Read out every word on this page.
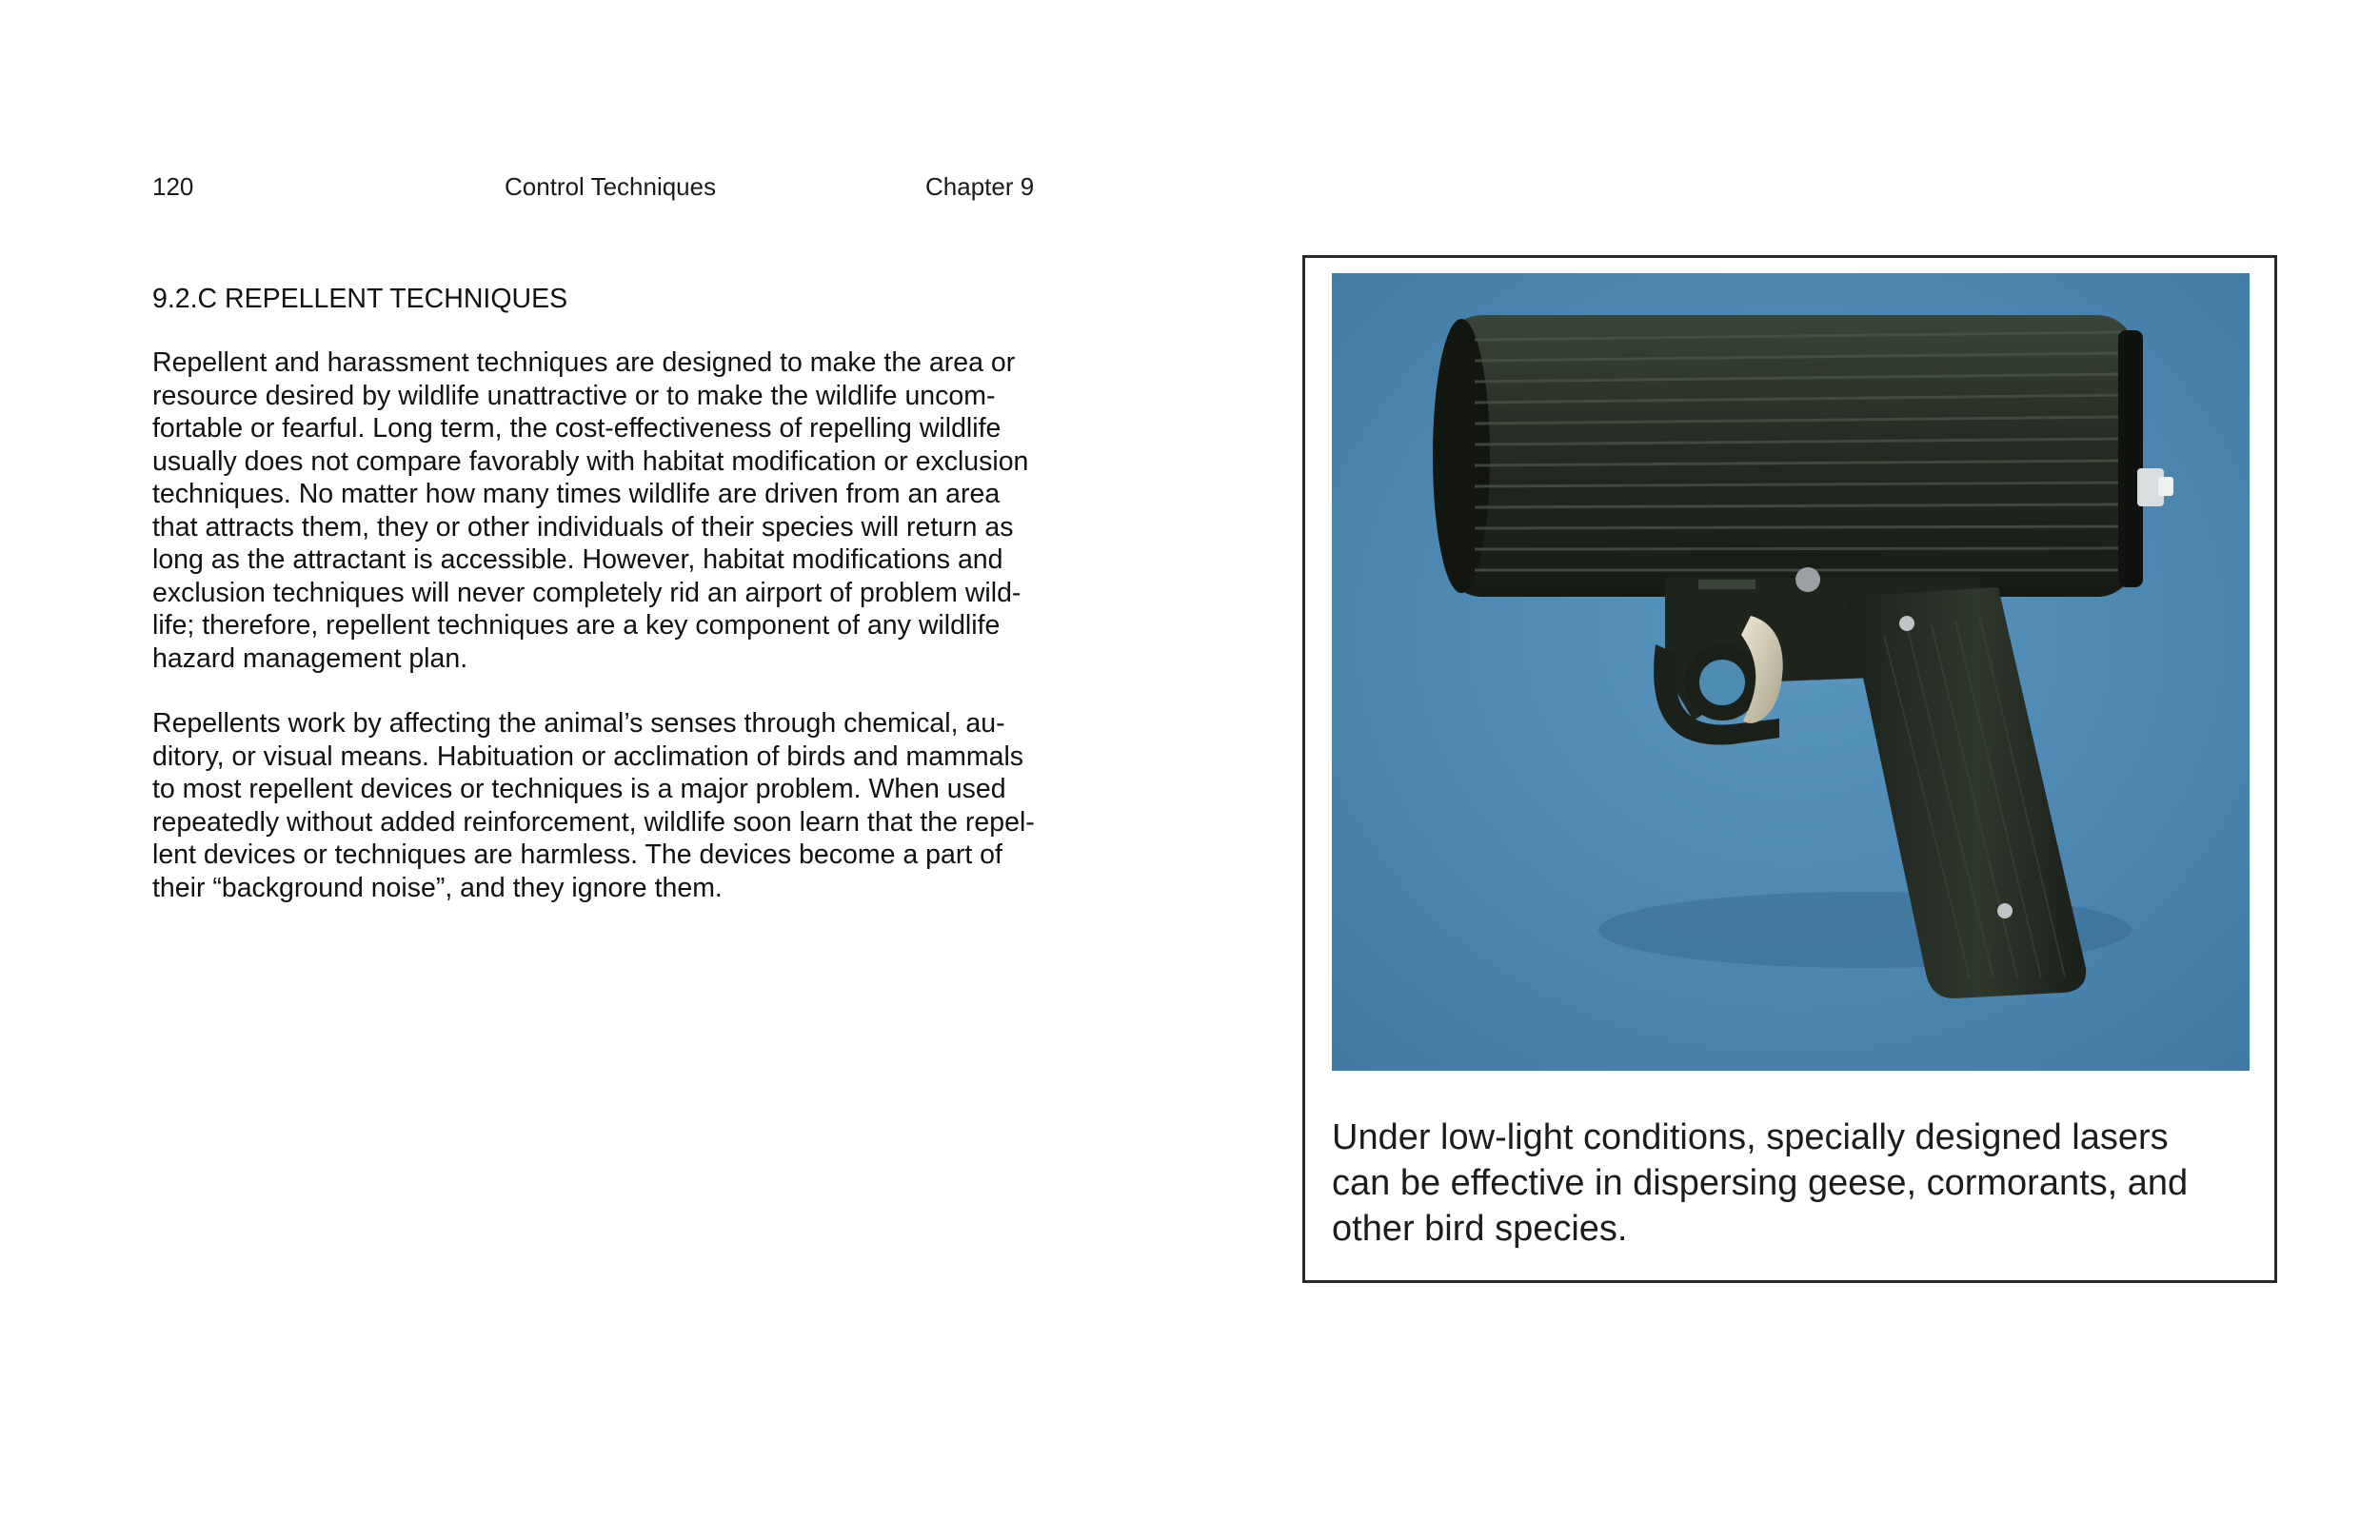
120	Control Techniques	Chapter 9
9.2.C REPELLENT TECHNIQUES

Repellent and harassment techniques are designed to make the area or
resource desired by wildlife unattractive or to make the wildlife uncom-
fortable or fearful. Long term, the cost-effectiveness of repelling wildlife
usually does not compare favorably with habitat modification or exclusion
techniques. No matter how many times wildlife are driven from an area
that attracts them, they or other individuals of their species will return as
long as the attractant is accessible. However, habitat modifications and
exclusion techniques will never completely rid an airport of problem wild-
life; therefore, repellent techniques are a key component of any wildlife
hazard management plan.

Repellents work by affecting the animal’s senses through chemical, au-
ditory, or visual means. Habituation or acclimation of birds and mammals
to most repellent devices or techniques is a major problem. When used
repeatedly without added reinforcement, wildlife soon learn that the repel-
lent devices or techniques are harmless. The devices become a part of
their “background noise”, and they ignore them.

Under low-light conditions, specially designed lasers
can be effective in dispersing geese, cormorants, and
other bird species.
